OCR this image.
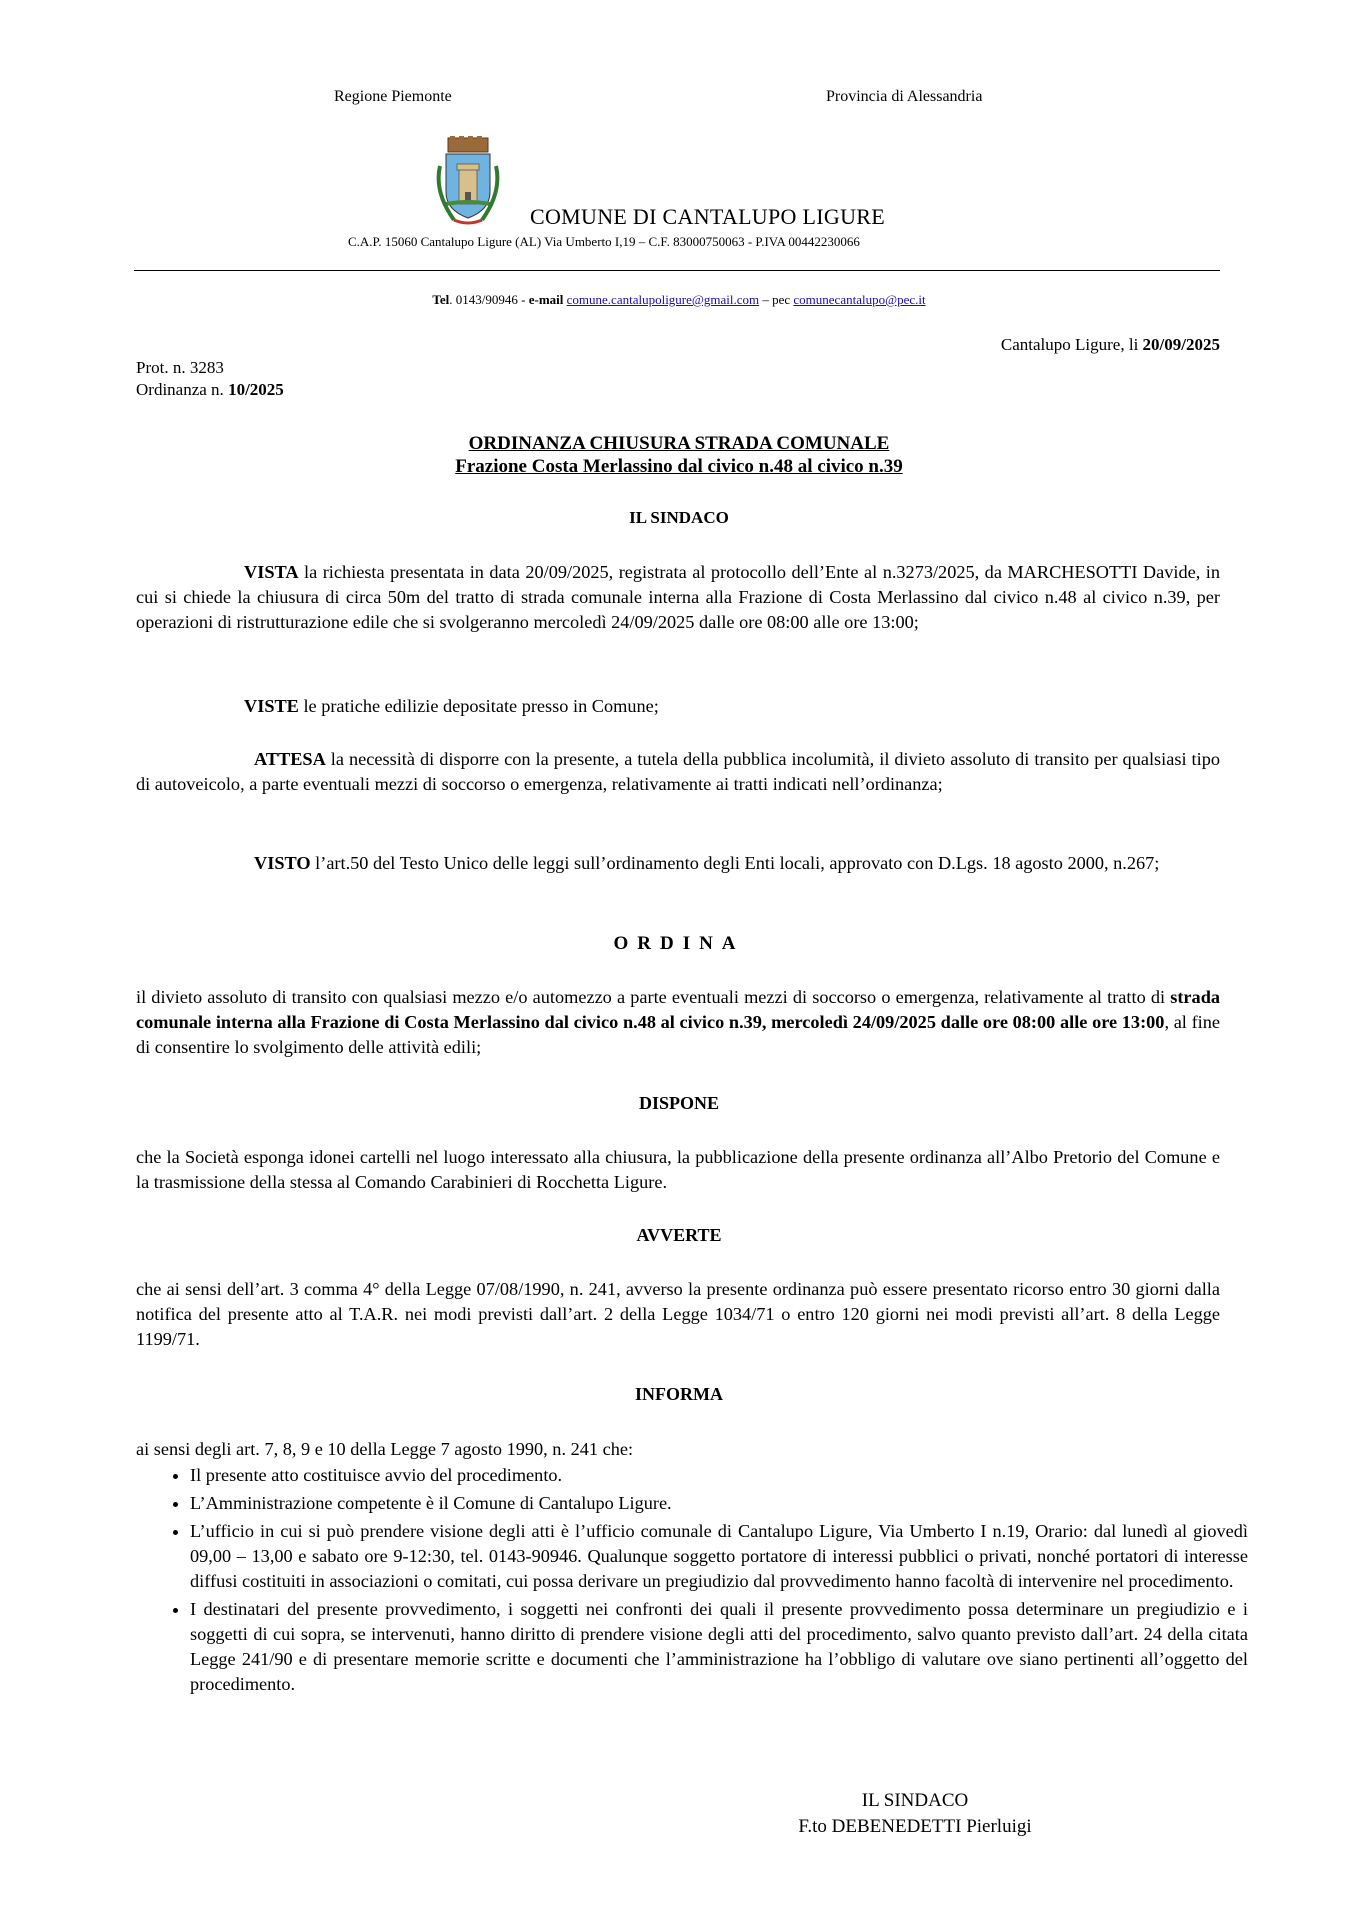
Regione Piemonte	Provincia di Alessandria
COMUNE DI CANTALUPO LIGURE
C.A.P. 15060 Cantalupo Ligure (AL) Via Umberto I,19 – C.F. 83000750063 - P.IVA 00442230066
Tel. 0143/90946 - e-mail comune.cantalupoligure@gmail.com – pec comunecantalupo@pec.it
Cantalupo Ligure, li 20/09/2025
Prot. n. 3283
Ordinanza n. 10/2025
ORDINANZA CHIUSURA STRADA COMUNALE
Frazione Costa Merlassino dal civico n.48 al civico n.39
IL SINDACO
VISTA la richiesta presentata in data 20/09/2025, registrata al protocollo dell’Ente al n.3273/2025, da MARCHESOTTI Davide, in cui si chiede la chiusura di circa 50m del tratto di strada comunale interna alla Frazione di Costa Merlassino dal civico n.48 al civico n.39, per operazioni di ristrutturazione edile che si svolgeranno mercoledì 24/09/2025 dalle ore 08:00 alle ore 13:00;
VISTE le pratiche edilizie depositate presso in Comune;
ATTESA la necessità di disporre con la presente, a tutela della pubblica incolumità, il divieto assoluto di transito per qualsiasi tipo di autoveicolo, a parte eventuali mezzi di soccorso o emergenza, relativamente ai tratti indicati nell’ordinanza;
VISTO l’art.50 del Testo Unico delle leggi sull’ordinamento degli Enti locali, approvato con D.Lgs. 18 agosto 2000, n.267;
ORDINA
il divieto assoluto di transito con qualsiasi mezzo e/o automezzo a parte eventuali mezzi di soccorso o emergenza, relativamente al tratto di strada comunale interna alla Frazione di Costa Merlassino dal civico n.48 al civico n.39, mercoledì 24/09/2025 dalle ore 08:00 alle ore 13:00, al fine di consentire lo svolgimento delle attività edili;
DISPONE
che la Società esponga idonei cartelli nel luogo interessato alla chiusura, la pubblicazione della presente ordinanza all’Albo Pretorio del Comune e la trasmissione della stessa al Comando Carabinieri di Rocchetta Ligure.
AVVERTE
che ai sensi dell’art. 3 comma 4° della Legge 07/08/1990, n. 241, avverso la presente ordinanza può essere presentato ricorso entro 30 giorni dalla notifica del presente atto al T.A.R. nei modi previsti dall’art. 2 della Legge 1034/71 o entro 120 giorni nei modi previsti all’art. 8 della Legge 1199/71.
INFORMA
ai sensi degli art. 7, 8, 9 e 10 della Legge 7 agosto 1990, n. 241 che:
• Il presente atto costituisce avvio del procedimento.
• L’Amministrazione competente è il Comune di Cantalupo Ligure.
• L’ufficio in cui si può prendere visione degli atti è l’ufficio comunale di Cantalupo Ligure, Via Umberto I n.19, Orario: dal lunedì al giovedì 09,00 – 13,00 e sabato ore 9-12:30, tel. 0143-90946. Qualunque soggetto portatore di interessi pubblici o privati, nonché portatori di interesse diffusi costituiti in associazioni o comitati, cui possa derivare un pregiudizio dal provvedimento hanno facoltà di intervenire nel procedimento.
• I destinatari del presente provvedimento, i soggetti nei confronti dei quali il presente provvedimento possa determinare un pregiudizio e i soggetti di cui sopra, se intervenuti, hanno diritto di prendere visione degli atti del procedimento, salvo quanto previsto dall’art. 24 della citata Legge 241/90 e di presentare memorie scritte e documenti che l’amministrazione ha l’obbligo di valutare ove siano pertinenti all’oggetto del procedimento.
IL SINDACO
F.to DEBENEDETTI Pierluigi
